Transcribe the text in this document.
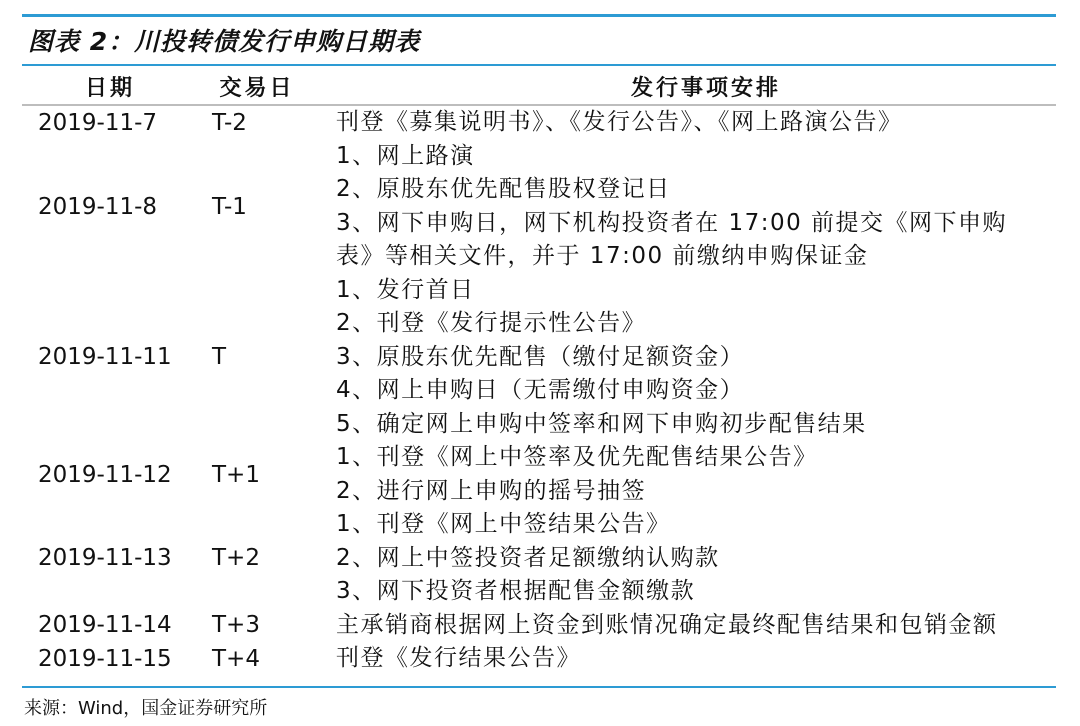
图表 2：川投转债发行申购日期表
日期	交易日	发行事项安排
2019-11-7	T-2	刊登《募集说明书》、《发行公告》、《网上路演公告》

2019-11-8	T-1	1、网上路演
2、原股东优先配售股权登记日
3、网下申购日，网下机构投资者在 17:00 前提交《网下申购
表》等相关文件，并于 17:00 前缴纳申购保证金

2019-11-11	T	1、发行首日
2、刊登《发行提示性公告》
3、原股东优先配售（缴付足额资金）
4、网上申购日（无需缴付申购资金）
5、确定网上申购中签率和网下申购初步配售结果

2019-11-12	T+1	1、刊登《网上中签率及优先配售结果公告》
2、进行网上申购的摇号抽签

2019-11-13	T+2	1、刊登《网上中签结果公告》
2、网上中签投资者足额缴纳认购款
3、网下投资者根据配售金额缴款

2019-11-14	T+3	主承销商根据网上资金到账情况确定最终配售结果和包销金额

2019-11-15	T+4	刊登《发行结果公告》
来源：Wind，国金证券研究所
